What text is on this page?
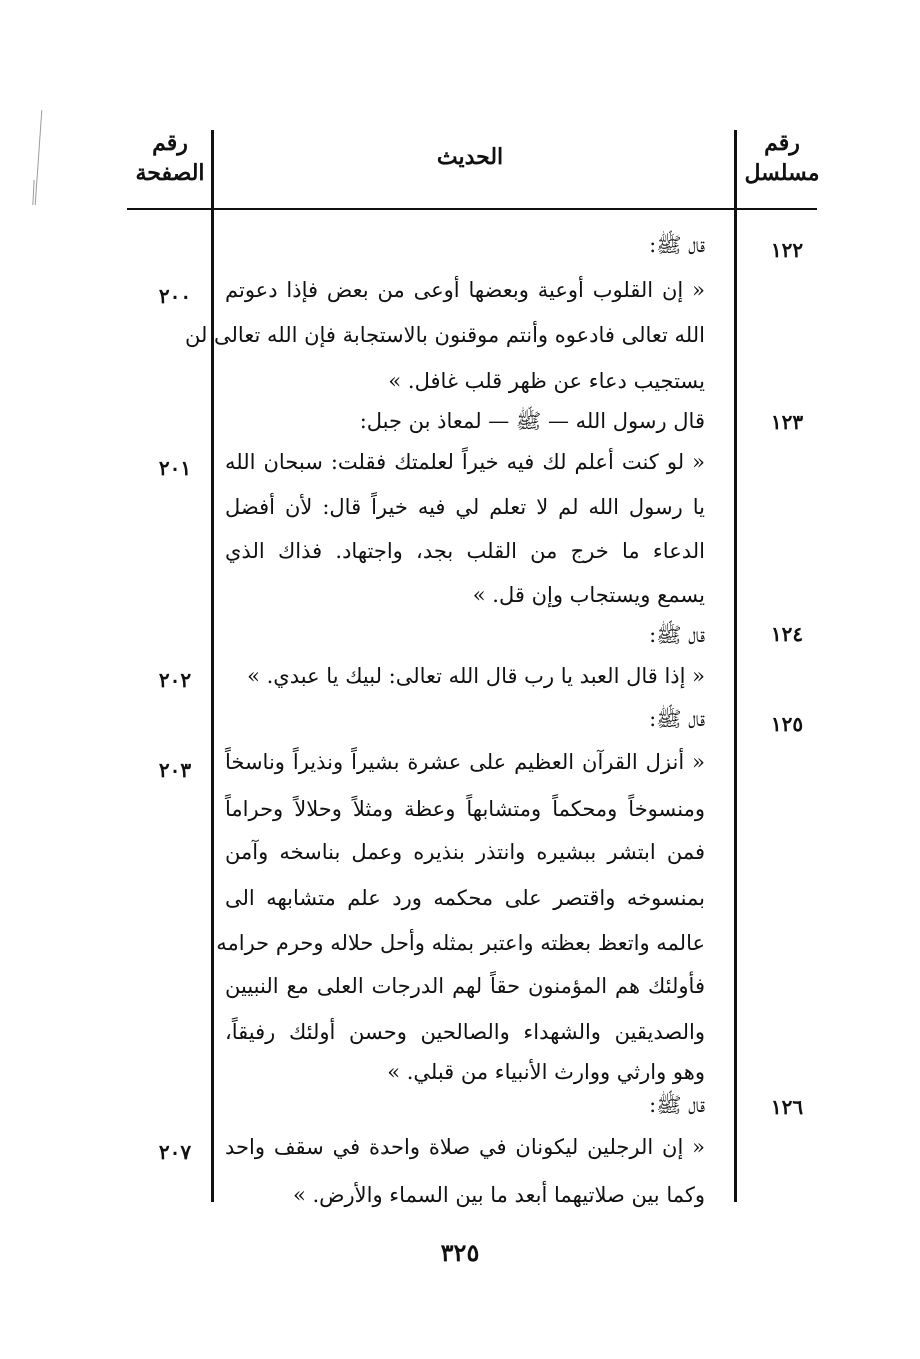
رقم
مسلسل
الحديث
رقم
الصفحة
قال ﷺ:
« إن القلوب أوعية وبعضها أوعى من بعض فإذا دعوتم
الله تعالى فادعوه وأنتم موقنون بالاستجابة فإن الله تعالى لن
يستجيب دعاء عن ظهر قلب غافل. »
قال رسول الله — ﷺ — لمعاذ بن جبل:
« لو كنت أعلم لك فيه خيراً لعلمتك فقلت: سبحان الله
يا رسول الله لم لا تعلم لي فيه خيراً قال: لأن أفضل
الدعاء ما خرج من القلب بجد، واجتهاد. فذاك الذي
يسمع ويستجاب وإن قل. »
قال ﷺ:
« إذا قال العبد يا رب قال الله تعالى: لبيك يا عبدي. »
قال ﷺ:
« أنزل القرآن العظيم على عشرة بشيراً ونذيراً وناسخاً
ومنسوخاً ومحكماً ومتشابهاً وعظة ومثلاً وحلالاً وحراماً
فمن ابتشر ببشيره وانتذر بنذيره وعمل بناسخه وآمن
بمنسوخه واقتصر على محكمه ورد علم متشابهه الى
عالمه واتعظ بعظته واعتبر بمثله وأحل حلاله وحرم حرامه
فأولئك هم المؤمنون حقاً لهم الدرجات العلى مع النبيين
والصديقين والشهداء والصالحين وحسن أولئك رفيقاً،
وهو وارثي ووارث الأنبياء من قبلي. »
قال ﷺ:
« إن الرجلين ليكونان في صلاة واحدة في سقف واحد
وكما بين صلاتيهما أبعد ما بين السماء والأرض. »
١٢٢
١٢٣
١٢٤
١٢٥
١٢٦
٢٠٠
٢٠١
٢٠٢
٢٠٣
٢٠٧
٣٢٥
